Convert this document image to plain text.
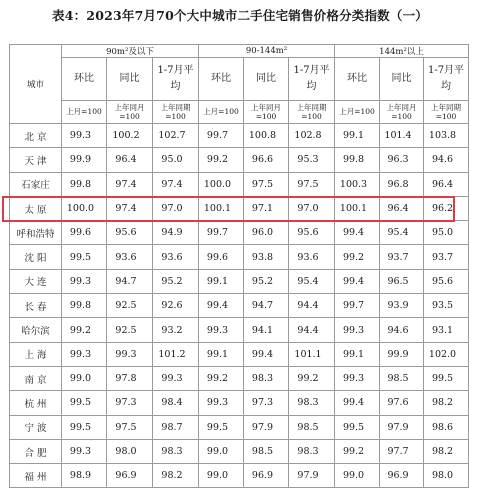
表4：2023年7月70个大中城市二手住宅销售价格分类指数（一）
城市	90m²及以下			90-144m²			144m²以上		
	环比	同比	1-7月平均	环比	同比	1-7月平均	环比	同比	1-7月平均
	上月=100	上年同月=100	上年同期=100	上月=100	上年同月=100	上年同期=100	上月=100	上年同月=100	上年同期=100
北 京	99.3	100.2	102.7	99.7	100.8	102.8	99.1	101.4	103.8
天 津	99.9	96.4	95.0	99.2	96.6	95.3	99.8	96.3	94.6
石家庄	99.8	97.4	97.4	100.0	97.5	97.5	100.3	96.8	96.4
太 原	100.0	97.4	97.0	100.1	97.1	97.0	100.1	96.4	96.2
呼和浩特	99.6	95.6	94.9	99.7	96.0	95.6	99.4	95.4	95.0
沈 阳	99.5	93.6	93.6	99.6	93.8	93.6	99.2	93.7	93.7
大 连	99.3	94.7	95.2	99.1	95.2	95.4	99.4	96.5	95.6
长 春	99.8	92.5	92.6	99.4	94.7	94.4	99.7	93.9	93.5
哈尔滨	99.2	92.5	93.2	99.3	94.1	94.4	99.3	94.6	93.1
上 海	99.3	99.3	101.2	99.1	99.4	101.1	99.1	99.9	102.0
南 京	99.0	97.8	99.3	99.2	98.3	99.2	99.3	98.5	99.5
杭 州	99.5	97.3	98.4	99.3	97.3	98.3	99.4	97.6	98.2
宁 波	99.5	97.5	98.7	99.5	97.9	98.5	99.5	97.9	98.6
合 肥	99.3	98.0	98.3	99.0	98.5	98.3	99.2	97.7	98.2
福 州	98.9	96.9	98.2	99.0	96.9	97.9	99.0	96.9	98.0
